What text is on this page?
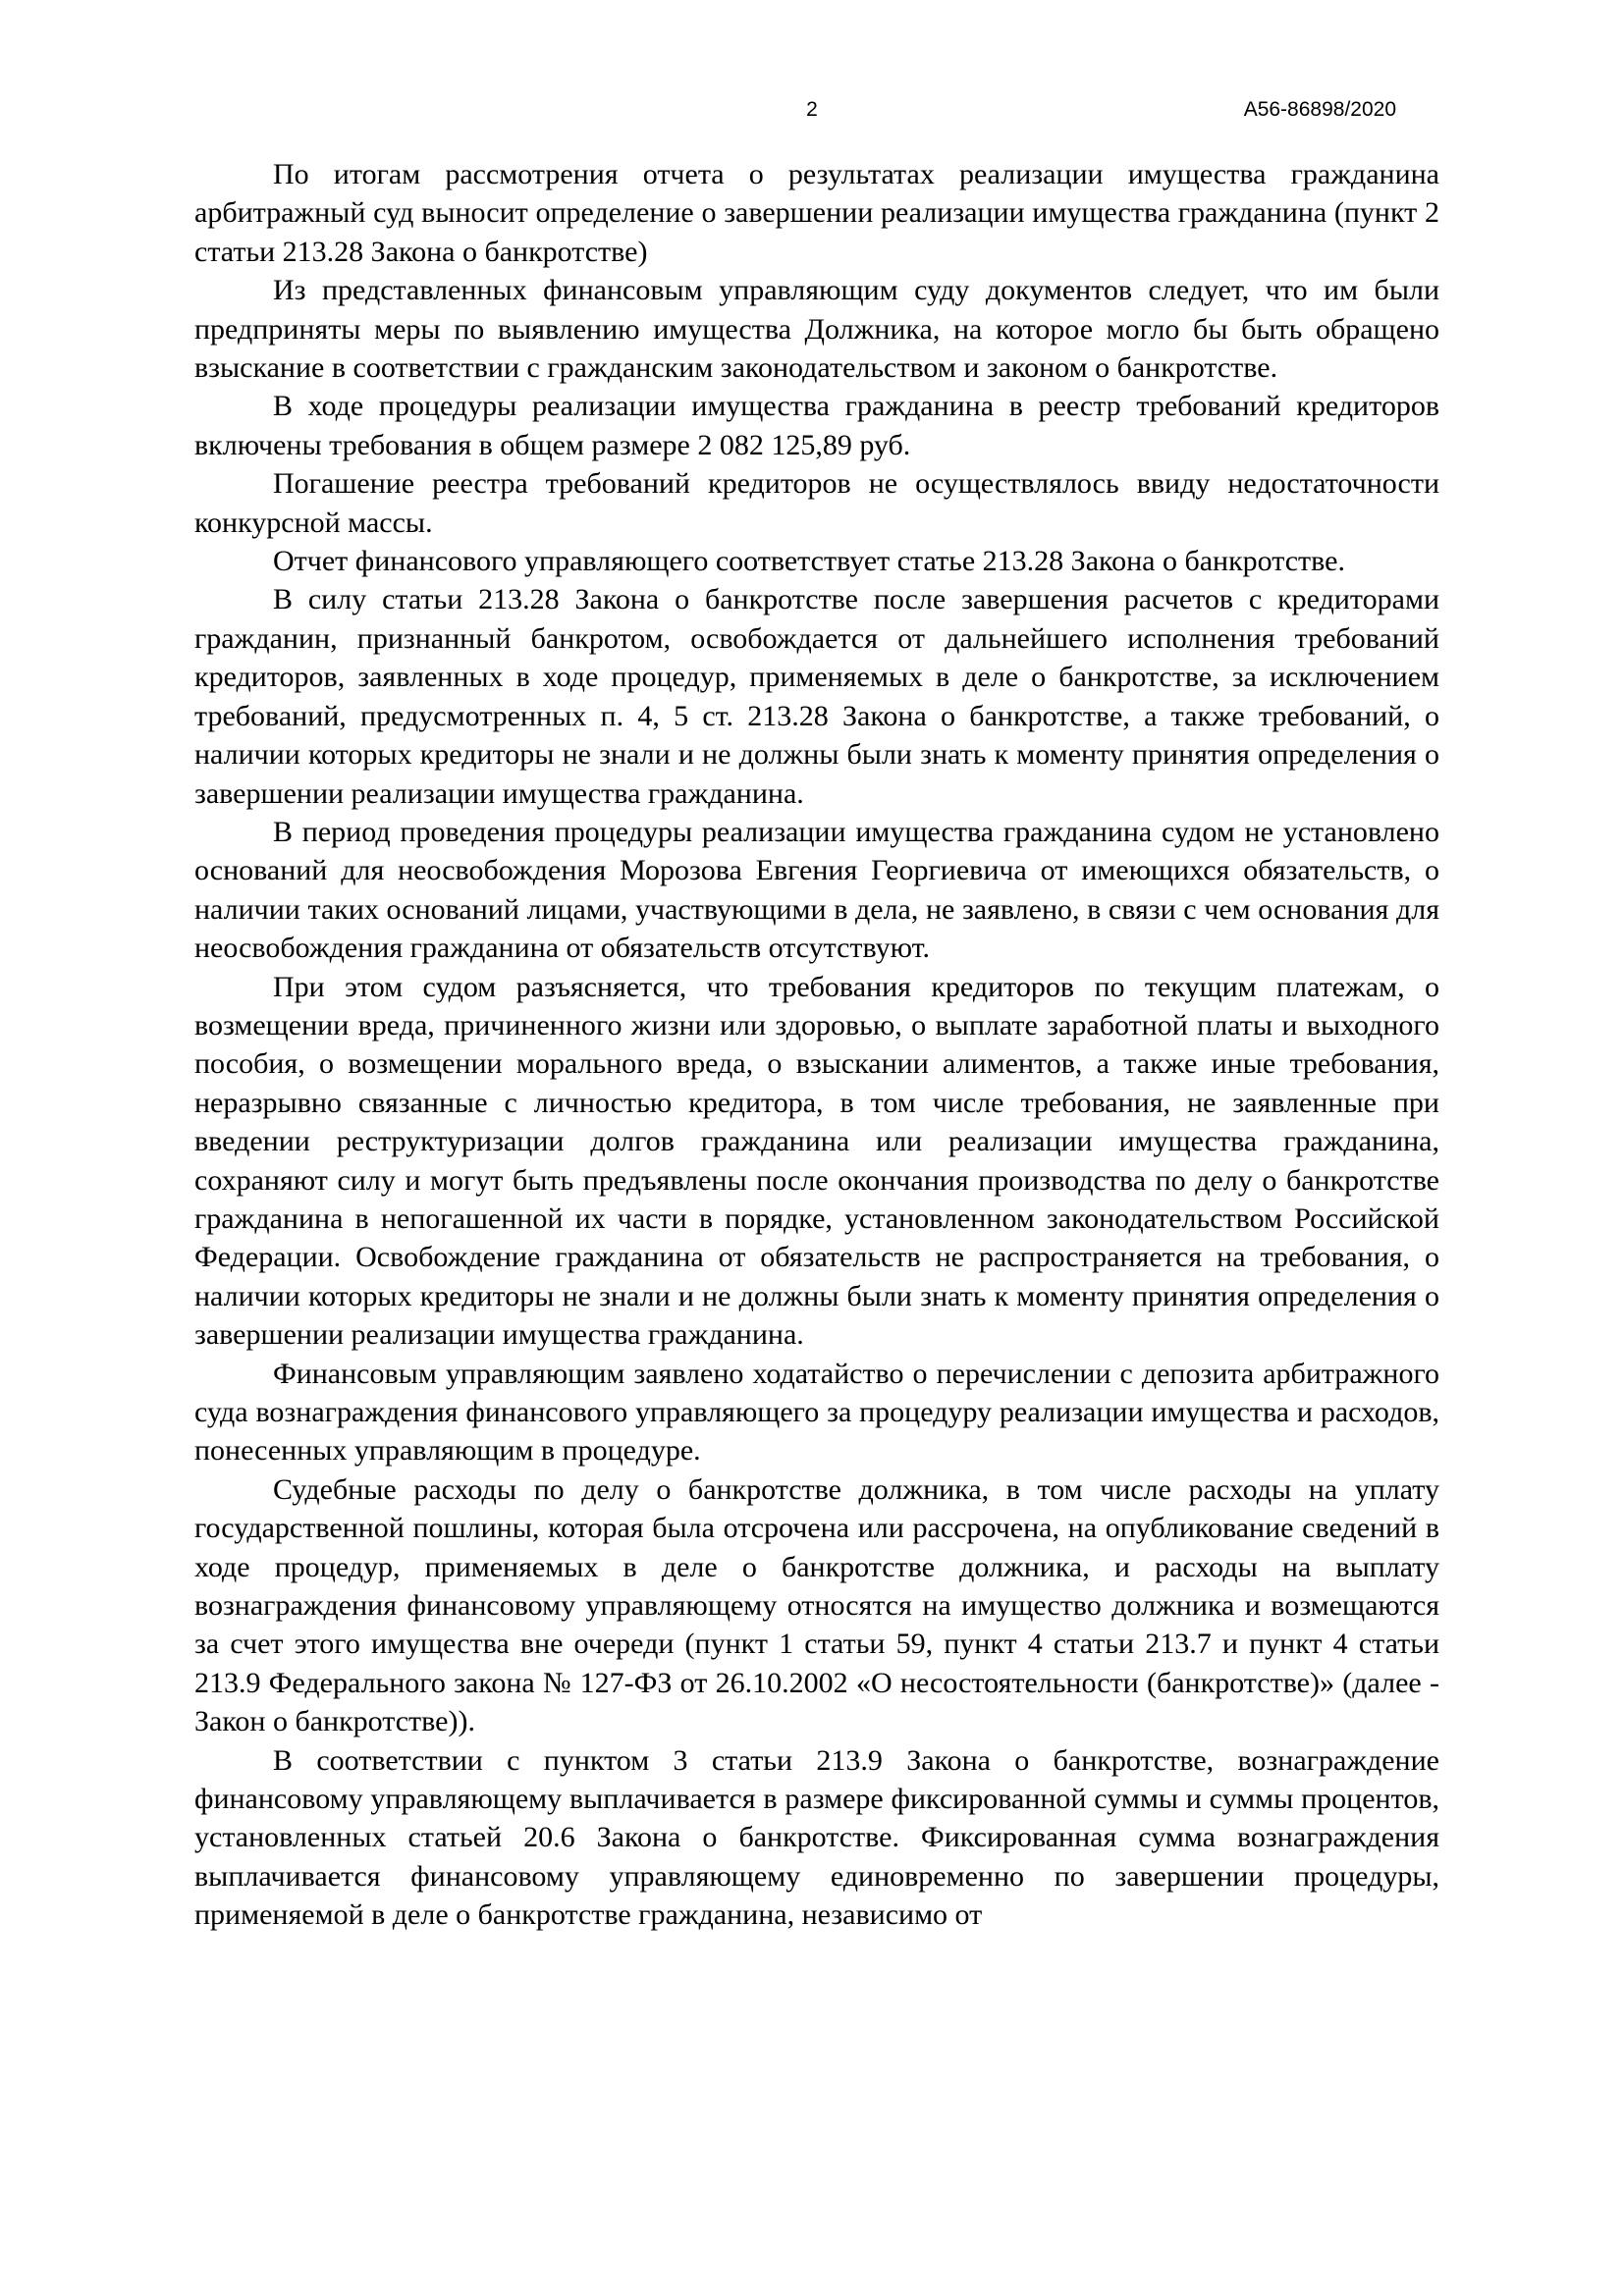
2	А56-86898/2020

По итогам рассмотрения отчета о результатах реализации имущества гражданина арбитражный суд выносит определение о завершении реализации имущества гражданина (пункт 2 статьи 213.28 Закона о банкротстве)

Из представленных финансовым управляющим суду документов следует, что им были предприняты меры по выявлению имущества Должника, на которое могло бы быть обращено взыскание в соответствии с гражданским законодательством и законом о банкротстве.

В ходе процедуры реализации имущества гражданина в реестр требований кредиторов включены требования в общем размере 2 082 125,89 руб.

Погашение реестра требований кредиторов не осуществлялось ввиду недостаточности конкурсной массы.

Отчет финансового управляющего соответствует статье 213.28 Закона о банкротстве.

В силу статьи 213.28 Закона о банкротстве после завершения расчетов с кредиторами гражданин, признанный банкротом, освобождается от дальнейшего исполнения требований кредиторов, заявленных в ходе процедур, применяемых в деле о банкротстве, за исключением требований, предусмотренных п. 4, 5 ст. 213.28 Закона о банкротстве, а также требований, о наличии которых кредиторы не знали и не должны были знать к моменту принятия определения о завершении реализации имущества гражданина.

В период проведения процедуры реализации имущества гражданина судом не установлено оснований для неосвобождения Морозова Евгения Георгиевича от имеющихся обязательств, о наличии таких оснований лицами, участвующими в дела, не заявлено, в связи с чем основания для неосвобождения гражданина от обязательств отсутствуют.

При этом судом разъясняется, что требования кредиторов по текущим платежам, о возмещении вреда, причиненного жизни или здоровью, о выплате заработной платы и выходного пособия, о возмещении морального вреда, о взыскании алиментов, а также иные требования, неразрывно связанные с личностью кредитора, в том числе требования, не заявленные при введении реструктуризации долгов гражданина или реализации имущества гражданина, сохраняют силу и могут быть предъявлены после окончания производства по делу о банкротстве гражданина в непогашенной их части в порядке, установленном законодательством Российской Федерации. Освобождение гражданина от обязательств не распространяется на требования, о наличии которых кредиторы не знали и не должны были знать к моменту принятия определения о завершении реализации имущества гражданина.

Финансовым управляющим заявлено ходатайство о перечислении с депозита арбитражного суда вознаграждения финансового управляющего за процедуру реализации имущества и расходов, понесенных управляющим в процедуре.

Судебные расходы по делу о банкротстве должника, в том числе расходы на уплату государственной пошлины, которая была отсрочена или рассрочена, на опубликование сведений в ходе процедур, применяемых в деле о банкротстве должника, и расходы на выплату вознаграждения финансовому управляющему относятся на имущество должника и возмещаются за счет этого имущества вне очереди (пункт 1 статьи 59, пункт 4 статьи 213.7 и пункт 4 статьи 213.9 Федерального закона № 127-ФЗ от 26.10.2002 «О несостоятельности (банкротстве)» (далее - Закон о банкротстве)).

В соответствии с пунктом 3 статьи 213.9 Закона о банкротстве, вознаграждение финансовому управляющему выплачивается в размере фиксированной суммы и суммы процентов, установленных статьей 20.6 Закона о банкротстве. Фиксированная сумма вознаграждения выплачивается финансовому управляющему единовременно по завершении процедуры, применяемой в деле о банкротстве гражданина, независимо от
